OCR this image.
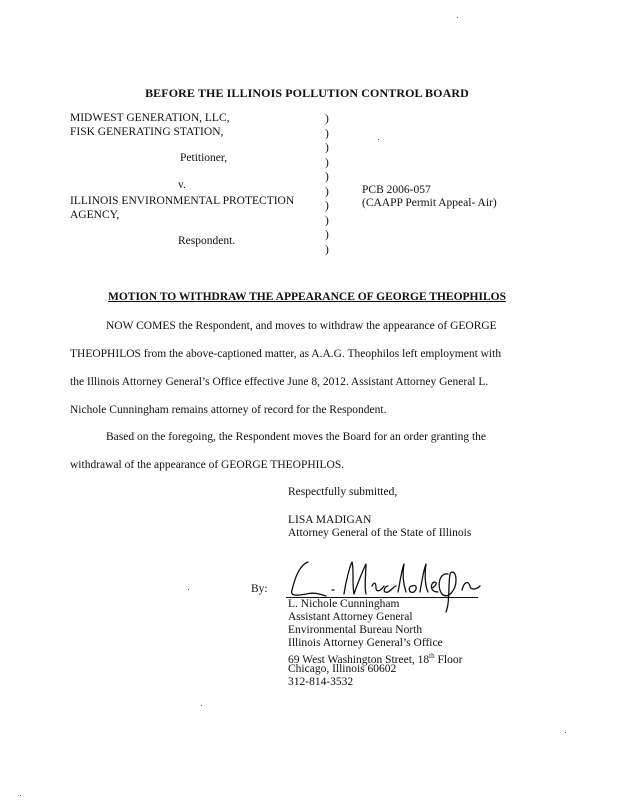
BEFORE THE ILLINOIS POLLUTION CONTROL BOARD
MIDWEST GENERATION, LLC,
FISK GENERATING STATION,
Petitioner,
v.
ILLINOIS ENVIRONMENTAL PROTECTION
AGENCY,
Respondent.
)
)
)
)
)
)
)
)
)
)
PCB 2006-057
(CAAPP Permit Appeal- Air)
MOTION TO WITHDRAW THE APPEARANCE OF GEORGE THEOPHILOS
NOW COMES the Respondent, and moves to withdraw the appearance of GEORGE
THEOPHILOS from the above-captioned matter, as A.A.G. Theophilos left employment with
the Illinois Attorney General’s Office effective June 8, 2012. Assistant Attorney General L.
Nichole Cunningham remains attorney of record for the Respondent.
Based on the foregoing, the Respondent moves the Board for an order granting the
withdrawal of the appearance of GEORGE THEOPHILOS.
Respectfully submitted,
LISA MADIGAN
Attorney General of the State of Illinois
By:
L. Nichole Cunningham
Assistant Attorney General
Environmental Bureau North
Illinois Attorney General’s Office
69 West Washington Street, 18th Floor
Chicago, Illinois 60602
312-814-3532
